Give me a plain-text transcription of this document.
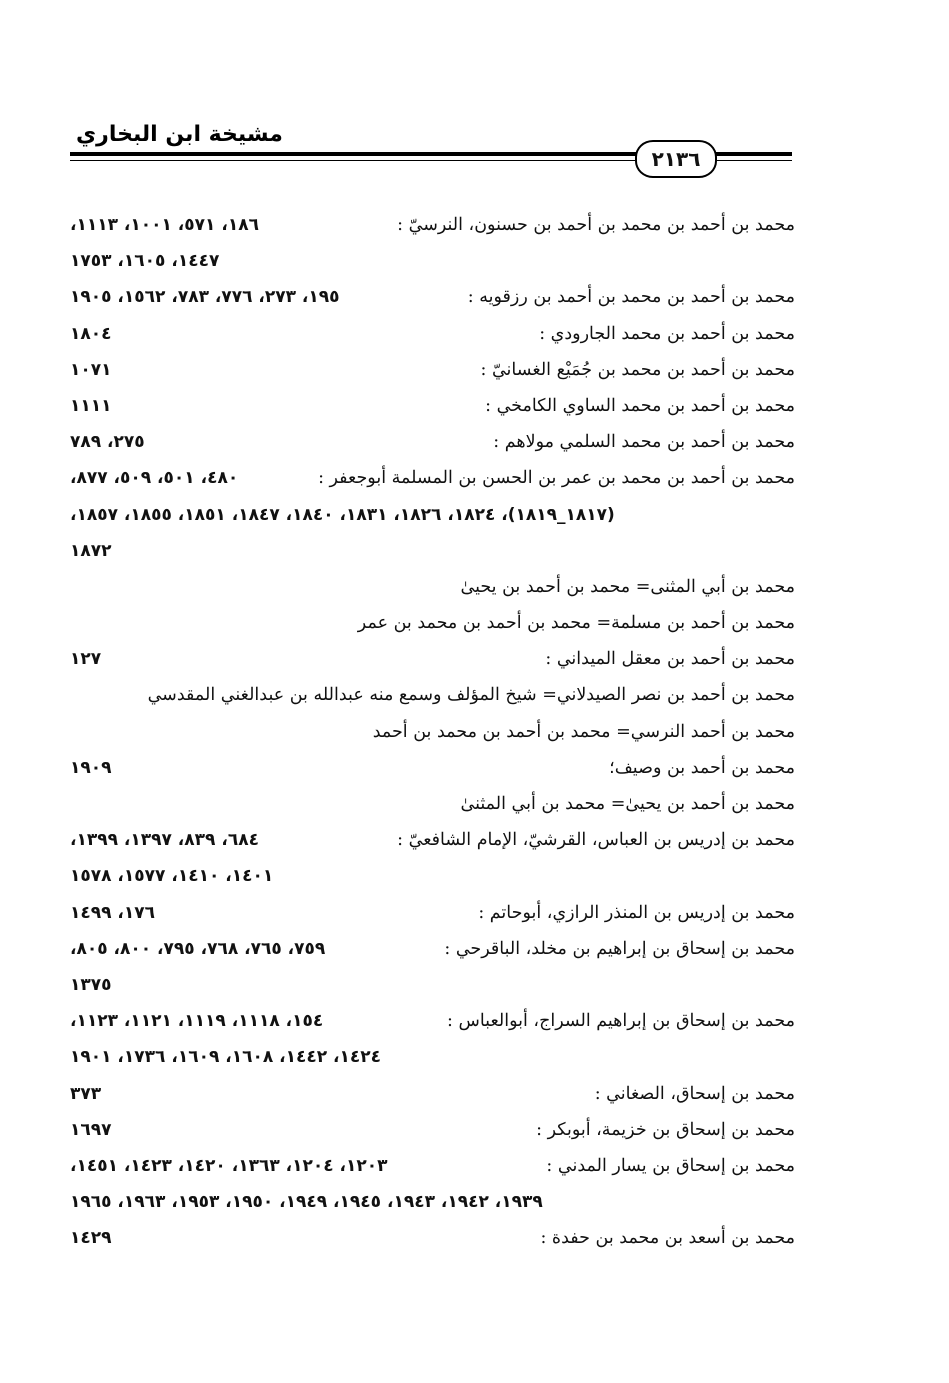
مشيخة ابن البخاري
٢١٣٦
محمد بن أحمد بن محمد بن أحمد بن حسنون، النرسيّ :
١٨٦، ٥٧١، ١٠٠١، ١١١٣،
١٤٤٧، ١٦٠٥، ١٧٥٣
محمد بن أحمد بن محمد بن أحمد بن رزقويه :
١٩٥، ٢٧٣، ٧٧٦، ٧٨٣، ١٥٦٢، ١٩٠٥
محمد بن أحمد بن محمد الجارودي :
١٨٠٤
محمد بن أحمد بن محمد بن جُمَيْع الغسانيّ :
١٠٧١
محمد بن أحمد بن محمد الساوي الكامخي :
١١١١
محمد بن أحمد بن محمد السلمي مولاهم :
٢٧٥، ٧٨٩
محمد بن أحمد بن محمد بن عمر بن الحسن بن المسلمة أبوجعفر :
٤٨٠، ٥٠١، ٥٠٩، ٨٧٧،
(١٨١٧_١٨١٩)، ١٨٢٤، ١٨٢٦، ١٨٣١، ١٨٤٠، ١٨٤٧، ١٨٥١، ١٨٥٥، ١٨٥٧،
١٨٧٢
محمد بن أبي المثنى= محمد بن أحمد بن يحيىٰ
محمد بن أحمد بن مسلمة= محمد بن أحمد بن محمد بن عمر
محمد بن أحمد بن معقل الميداني :
١٢٧
محمد بن أحمد بن نصر الصيدلاني= شيخ المؤلف وسمع منه عبدالله بن عبدالغني المقدسي
محمد بن أحمد النرسي= محمد بن أحمد بن محمد بن أحمد
محمد بن أحمد بن وصيف؛
١٩٠٩
محمد بن أحمد بن يحيىٰ= محمد بن أبي المثنىٰ
محمد بن إدريس بن العباس، القرشيّ، الإمام الشافعيّ :
٦٨٤، ٨٣٩، ١٣٩٧، ١٣٩٩،
١٤٠١، ١٤١٠، ١٥٧٧، ١٥٧٨
محمد بن إدريس بن المنذر الرازي، أبوحاتم :
١٧٦، ١٤٩٩
محمد بن إسحاق بن إبراهيم بن مخلد، الباقرحي :
٧٥٩، ٧٦٥، ٧٦٨، ٧٩٥، ٨٠٠، ٨٠٥،
١٣٧٥
محمد بن إسحاق بن إبراهيم السراج، أبوالعباس :
١٥٤، ١١١٨، ١١١٩، ١١٢١، ١١٢٣،
١٤٢٤، ١٤٤٢، ١٦٠٨، ١٦٠٩، ١٧٣٦، ١٩٠١
محمد بن إسحاق، الصغاني :
٣٧٣
محمد بن إسحاق بن خزيمة، أبوبكر :
١٦٩٧
محمد بن إسحاق بن يسار المدني :
١٢٠٣، ١٢٠٤، ١٣٦٣، ١٤٢٠، ١٤٢٣، ١٤٥١،
١٩٣٩، ١٩٤٢، ١٩٤٣، ١٩٤٥، ١٩٤٩، ١٩٥٠، ١٩٥٣، ١٩٦٣، ١٩٦٥
محمد بن أسعد بن محمد بن حفدة :
١٤٢٩
